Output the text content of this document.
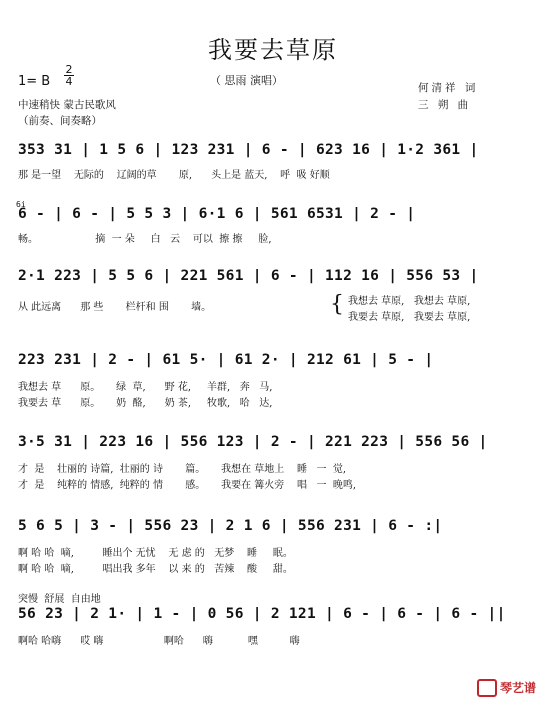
我要去草原
（ 思雨 演唱）
1= B
2
4
中速稍快 蒙古民歌风
（前奏、间奏略）
何清祥 词
三 朔 曲
353 31 | 1 5 6 | 123 231 | 6 - | 623 16 | 1·2 361 |
那 是一望    无际的    辽阔的草       原,      头上是 蓝天,    呼  吸 好顺
6i
6 - | 6 - | 5 5 3 | 6·1 6 | 561 6531 | 2 - |
畅。                  摘  一 朵     白   云    可以  擦 擦     脸,
2·1 223 | 5 5 6 | 221 561 | 6 - | 112 16 | 556 53 |
从 此远离      那 些       栏杆和 围       墙。	{ 我想去 草原,   我想去 草原,
我要去 草原,   我要去 草原,
223 231 | 2 - | 61 5· | 61 2· | 212 61 | 5 - |
我想去 草      原。     绿  草,      野 花,     羊群,   奔   马,
我要去 草      原。     奶  酪,      奶 茶,     牧歌,   哈   达,
3·5 31 | 223 16 | 556 123 | 2 - | 221 223 | 556 56 |
才  是    壮丽的 诗篇,  壮丽的 诗       篇。     我想在 草地上    睡   一  觉,
才  是    纯粹的 情感,  纯粹的 情       感。     我要在 篝火旁    唱   一  晚鸣,
5 6 5 | 3 - | 556 23 | 2 1 6 | 556 231 | 6 - :|
啊 哈 哈  嘀,         睡出个 无忧    无 虑 的   无梦    睡     眠。
啊 哈 哈  嘀,         唱出我 多年    以 来 的   苦辣    酸     甜。
突慢  舒展  自由地
56 23 | 2 1· | 1 - | 0 56 | 2 121 | 6 - | 6 - | 6 - ||
啊哈 哈嗨      哎 嗨                   啊哈      嗨           嘿          嗨
琴艺谱
